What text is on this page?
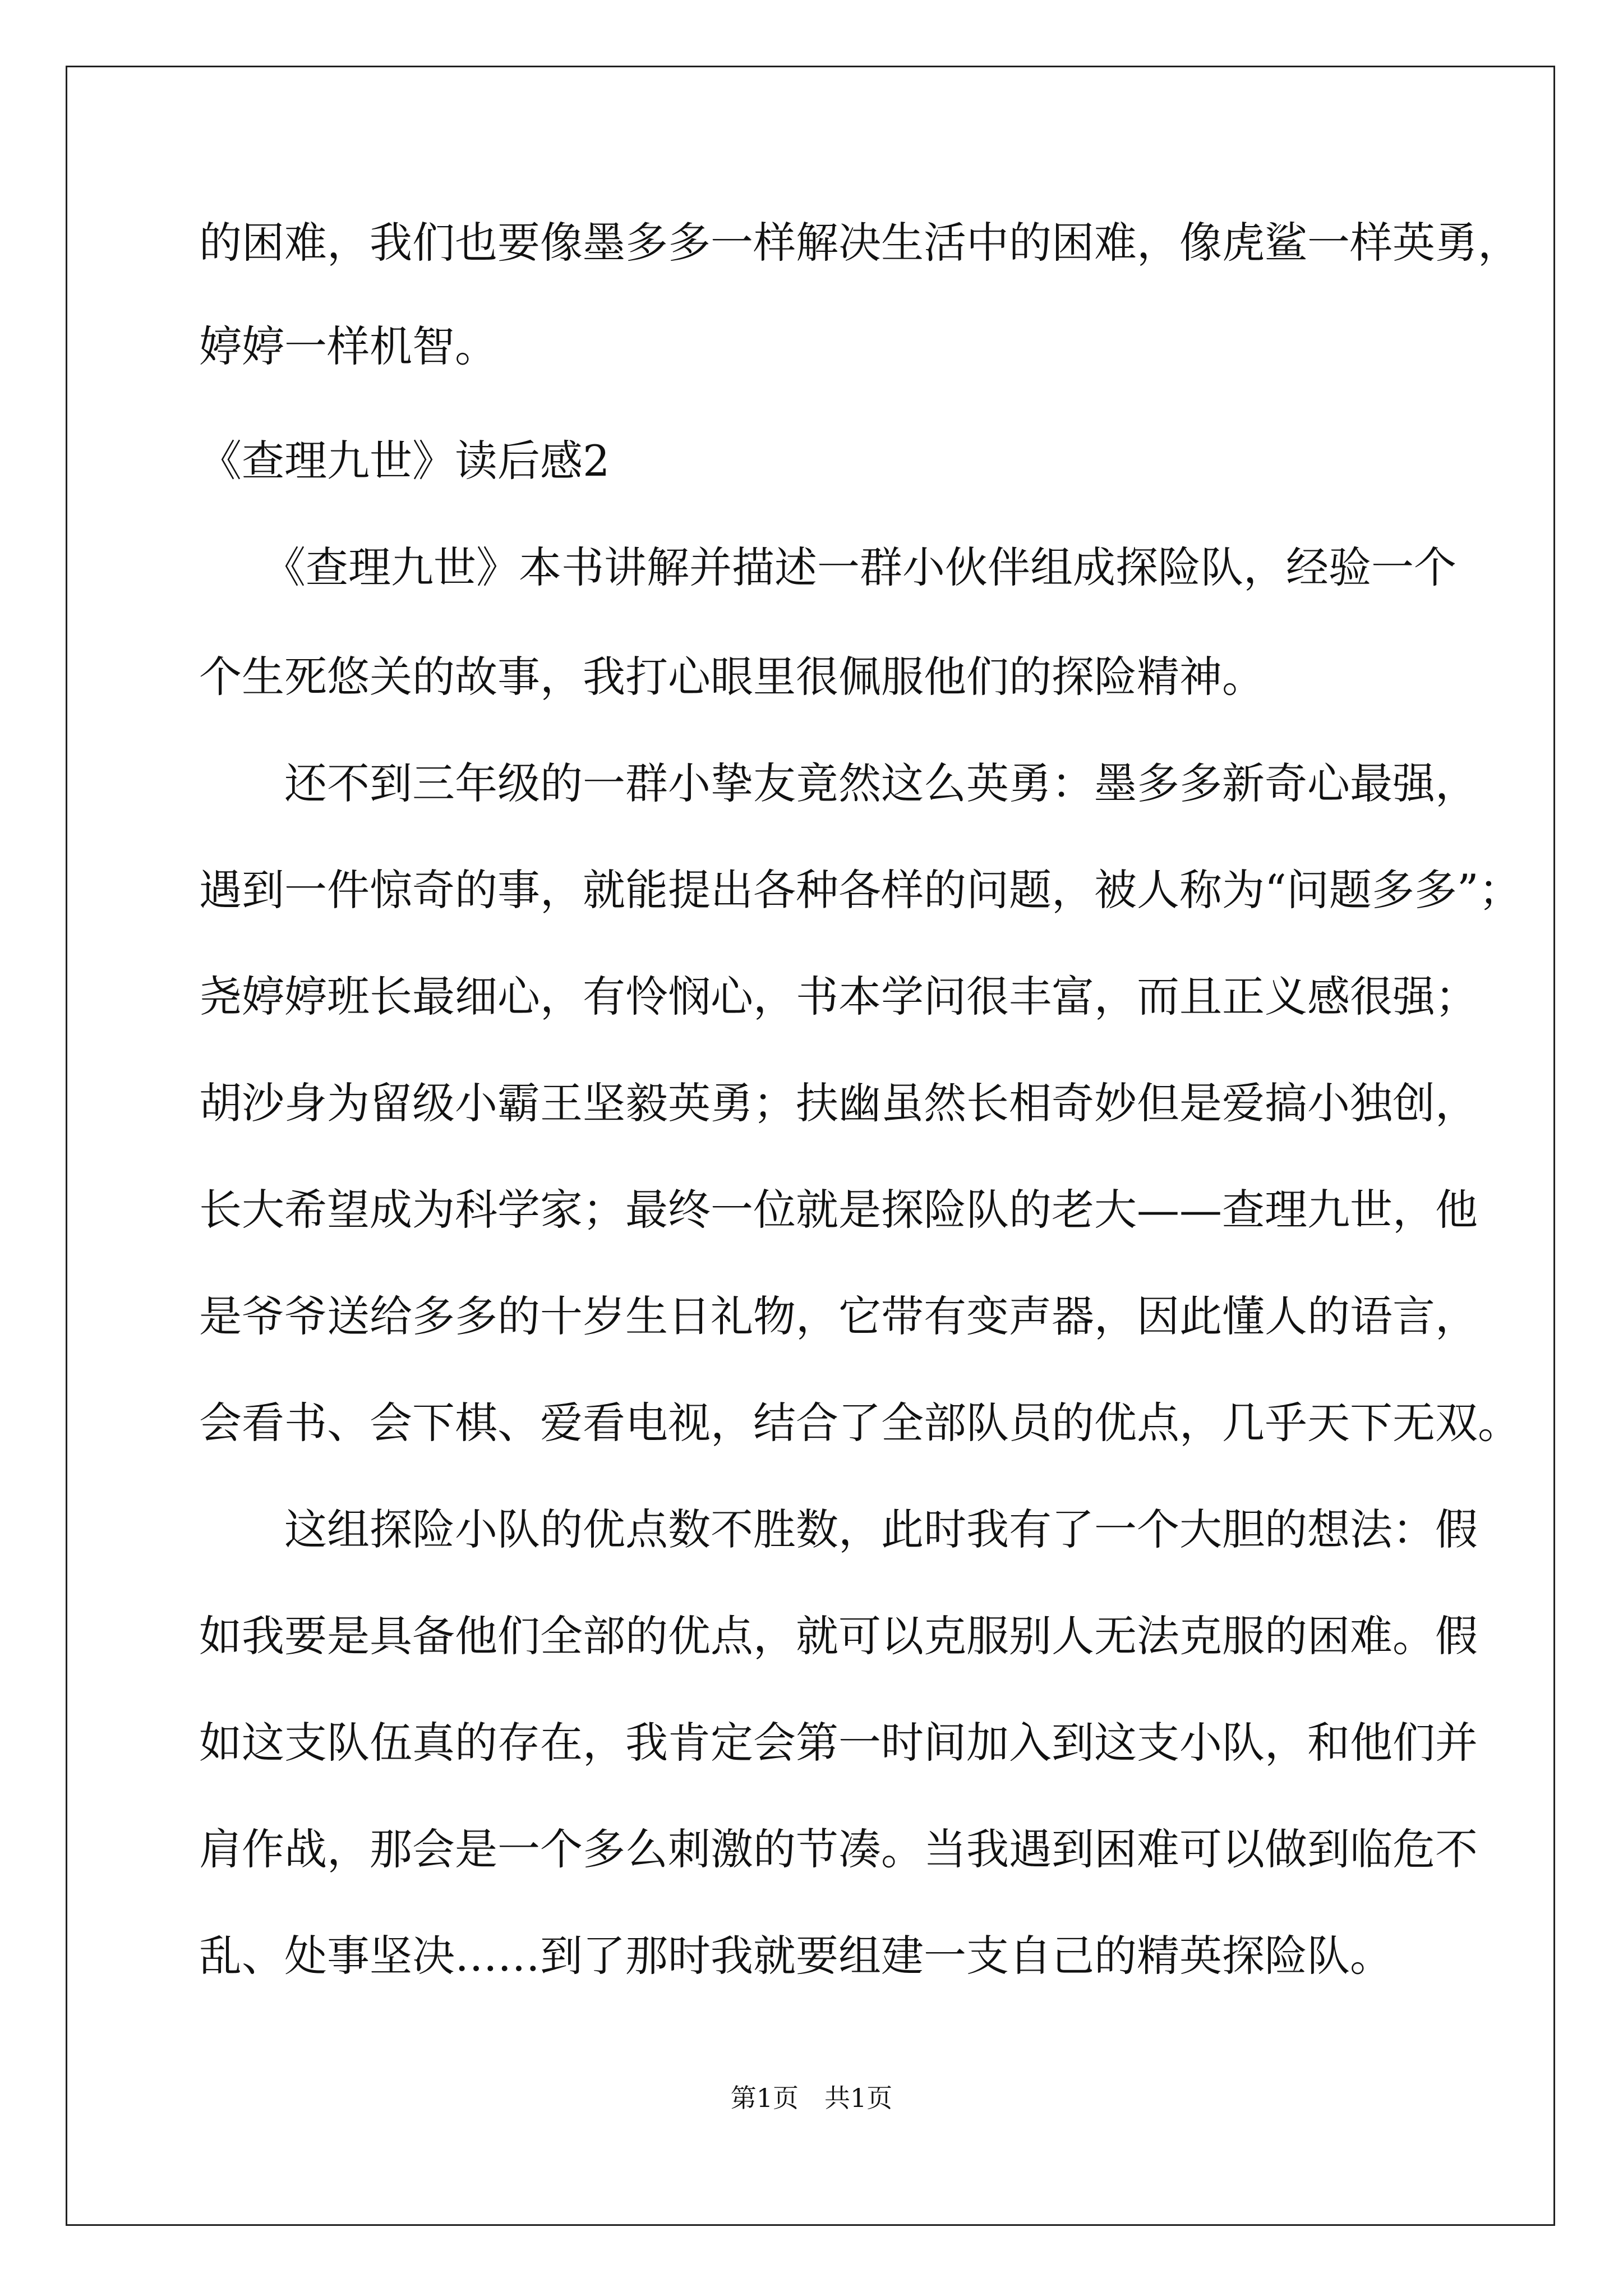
的困难，我们也要像墨多多一样解决生活中的困难，像虎鲨一样英勇，
婷婷一样机智。
《查理九世》读后感2
　　《查理九世》本书讲解并描述一群小伙伴组成探险队，经验一个
个生死悠关的故事，我打心眼里很佩服他们的探险精神。
　　还不到三年级的一群小挚友竟然这么英勇：墨多多新奇心最强，
遇到一件惊奇的事，就能提出各种各样的问题，被人称为“问题多多”；
尧婷婷班长最细心，有怜悯心，书本学问很丰富，而且正义感很强；
胡沙身为留级小霸王坚毅英勇；扶幽虽然长相奇妙但是爱搞小独创，
长大希望成为科学家；最终一位就是探险队的老大——查理九世，他
是爷爷送给多多的十岁生日礼物，它带有变声器，因此懂人的语言，
会看书、会下棋、爱看电视，结合了全部队员的优点，几乎天下无双。
　　这组探险小队的优点数不胜数，此时我有了一个大胆的想法：假
如我要是具备他们全部的优点，就可以克服别人无法克服的困难。假
如这支队伍真的存在，我肯定会第一时间加入到这支小队，和他们并
肩作战，那会是一个多么刺激的节凑。当我遇到困难可以做到临危不
乱、处事坚决……到了那时我就要组建一支自己的精英探险队。
第1页　共1页
